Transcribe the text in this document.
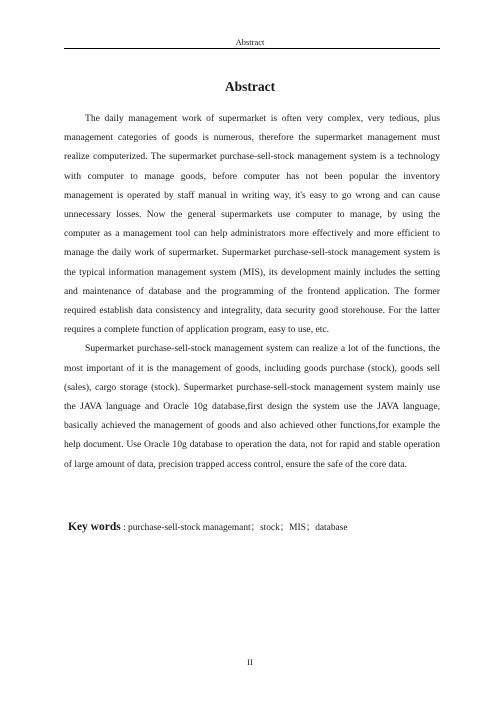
Abstract
Abstract

The daily management work of supermarket is often very complex, very tedious, plus management categories of goods is numerous, therefore the supermarket management must realize computerized. The supermarket purchase-sell-stock management system is a technology with computer to manage goods, before computer has not been popular the inventory management is operated by staff manual in writing way, it's easy to go wrong and can cause unnecessary losses. Now the general supermarkets use computer to manage, by using the computer as a management tool can help administrators more effectively and more efficient to manage the daily work of supermarket. Supermarket purchase-sell-stock management system is the typical information management system (MIS), its development mainly includes the setting and maintenance of database and the programming of the frontend application. The former required establish data consistency and integrality, data security good storehouse. For the latter requires a complete function of application program, easy to use, etc.

Supermarket purchase-sell-stock management system can realize a lot of the functions, the most important of it is the management of goods, including goods purchase (stock), goods sell (sales), cargo storage (stock). Supermarket purchase-sell-stock management system mainly use the JAVA language and Oracle 10g database,first design the system use the JAVA language, basically achieved the management of goods and also achieved other functions,for example the help document. Use Oracle 10g database to operation the data, not for rapid and stable operation of large amount of data, precision trapped access control, ensure the safe of the core data.

Key words : purchase-sell-stock managemant；stock；MIS；database
II
